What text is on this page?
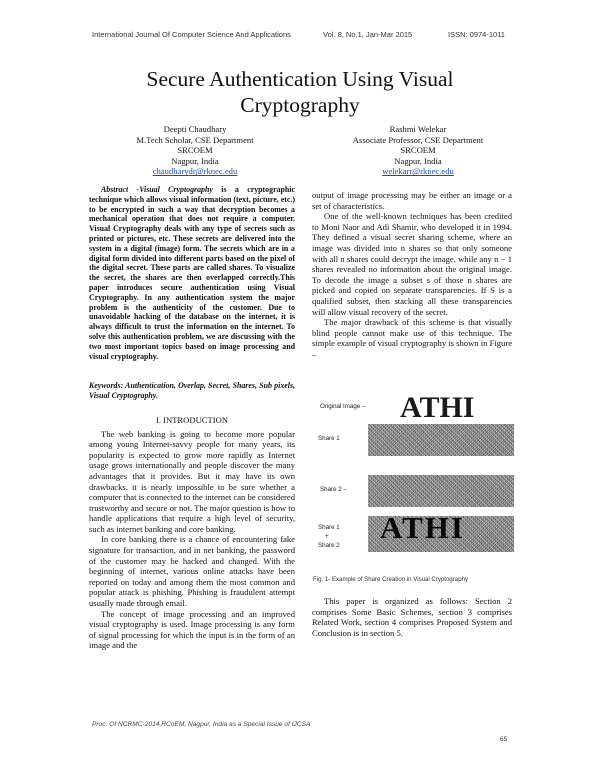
International Journal Of Computer Science And Applications	Vol. 8, No.1, Jan-Mar 2015	ISSN: 0974-1011
Secure Authentication Using Visual
Cryptography
Deepti Chaudhary
M.Tech Scholar, CSE Department
SRCOEM
Nagpur, India
chaudharydr@rknec.edu
Rashmi Welekar
Associate Professor, CSE Department
SRCOEM
Nagpur, India
welekarr@rknec.edu

Abstract -Visual Cryptography is a cryptographic technique which allows visual information (text, picture, etc.) to be encrypted in such a way that decryption becomes a mechanical operation that does not require a computer. Visual Cryptography deals with any type of secrets such as printed or pictures, etc. These secrets are delivered into the system in a digital (image) form. The secrets which are in a digital form divided into different parts based on the pixel of the digital secret. These parts are called shares. To visualize the secret, the shares are then overlapped correctly.This paper introduces secure authentication using Visual Cryptography. In any authentication system the major problem is the authenticity of the customer. Due to unavoidable hacking of the database on the internet, it is always difficult to trust the information on the internet. To solve this authentication problem, we are discussing with the two most important topics based on image processing and visual cryptography.

Keywords: Authentication, Overlap, Secret, Shares, Sub pixels, Visual Cryptography.

I. INTRODUCTION

The web banking is going to become more popular among young Internet-savvy people for many years, its popularity is expected to grow more rapidly as Internet usage grows internationally and people discover the many advantages that it provides. But it may have its own drawbacks. it is nearly impossible to be sure whether a computer that is connected to the internet can be considered trustworthy and secure or not. The major question is how to handle applications that require a high level of security, such as internet banking and core banking.

In core banking there is a chance of encountering fake signature for transaction, and in net banking, the password of the customer may be hacked and changed. With the beginning of internet, various online attacks have been reported on today and among them the most common and popular attack is phishing. Phishing is fraudulent attempt usually made through email.

The concept of image processing and an improved visual cryptography is used. Image processing is any form of signal processing for which the input is in the form of an image and the

output of image processing may be either an image or a set of characteristics.

One of the well-known techniques has been credited to Moni Naor and Adi Shamir, who developed it in 1994. They defined a visual secret sharing scheme, where an image was divided into n shares so that only someone with all n shares could decrypt the image, while any n − 1 shares revealed no information about the original image. To decode the image a subset s of those n shares are picked and copied on separate transparencies. If S is a qualified subset, then stacking all these transparencies will allow visual recovery of the secret.

The major drawback of this scheme is that visually blind people cannot make use of this technique. The simple example of visual cryptography is shown in Figure –

Original Image – ATHI
Share 1
Share 2 –
Share 1
+
Share 2
ATHI
Fig. 1- Example of Share Creation in Visual Cryptography

This paper is organized as follows: Section 2 comprises Some Basic Schemes, section 3 comprises Related Work, section 4 comprises Proposed System and Conclusion is in section 5.

Proc. Of NCRMC-2014,RCoEM, Nagpur, India as a Special Issue of IJCSA
65
